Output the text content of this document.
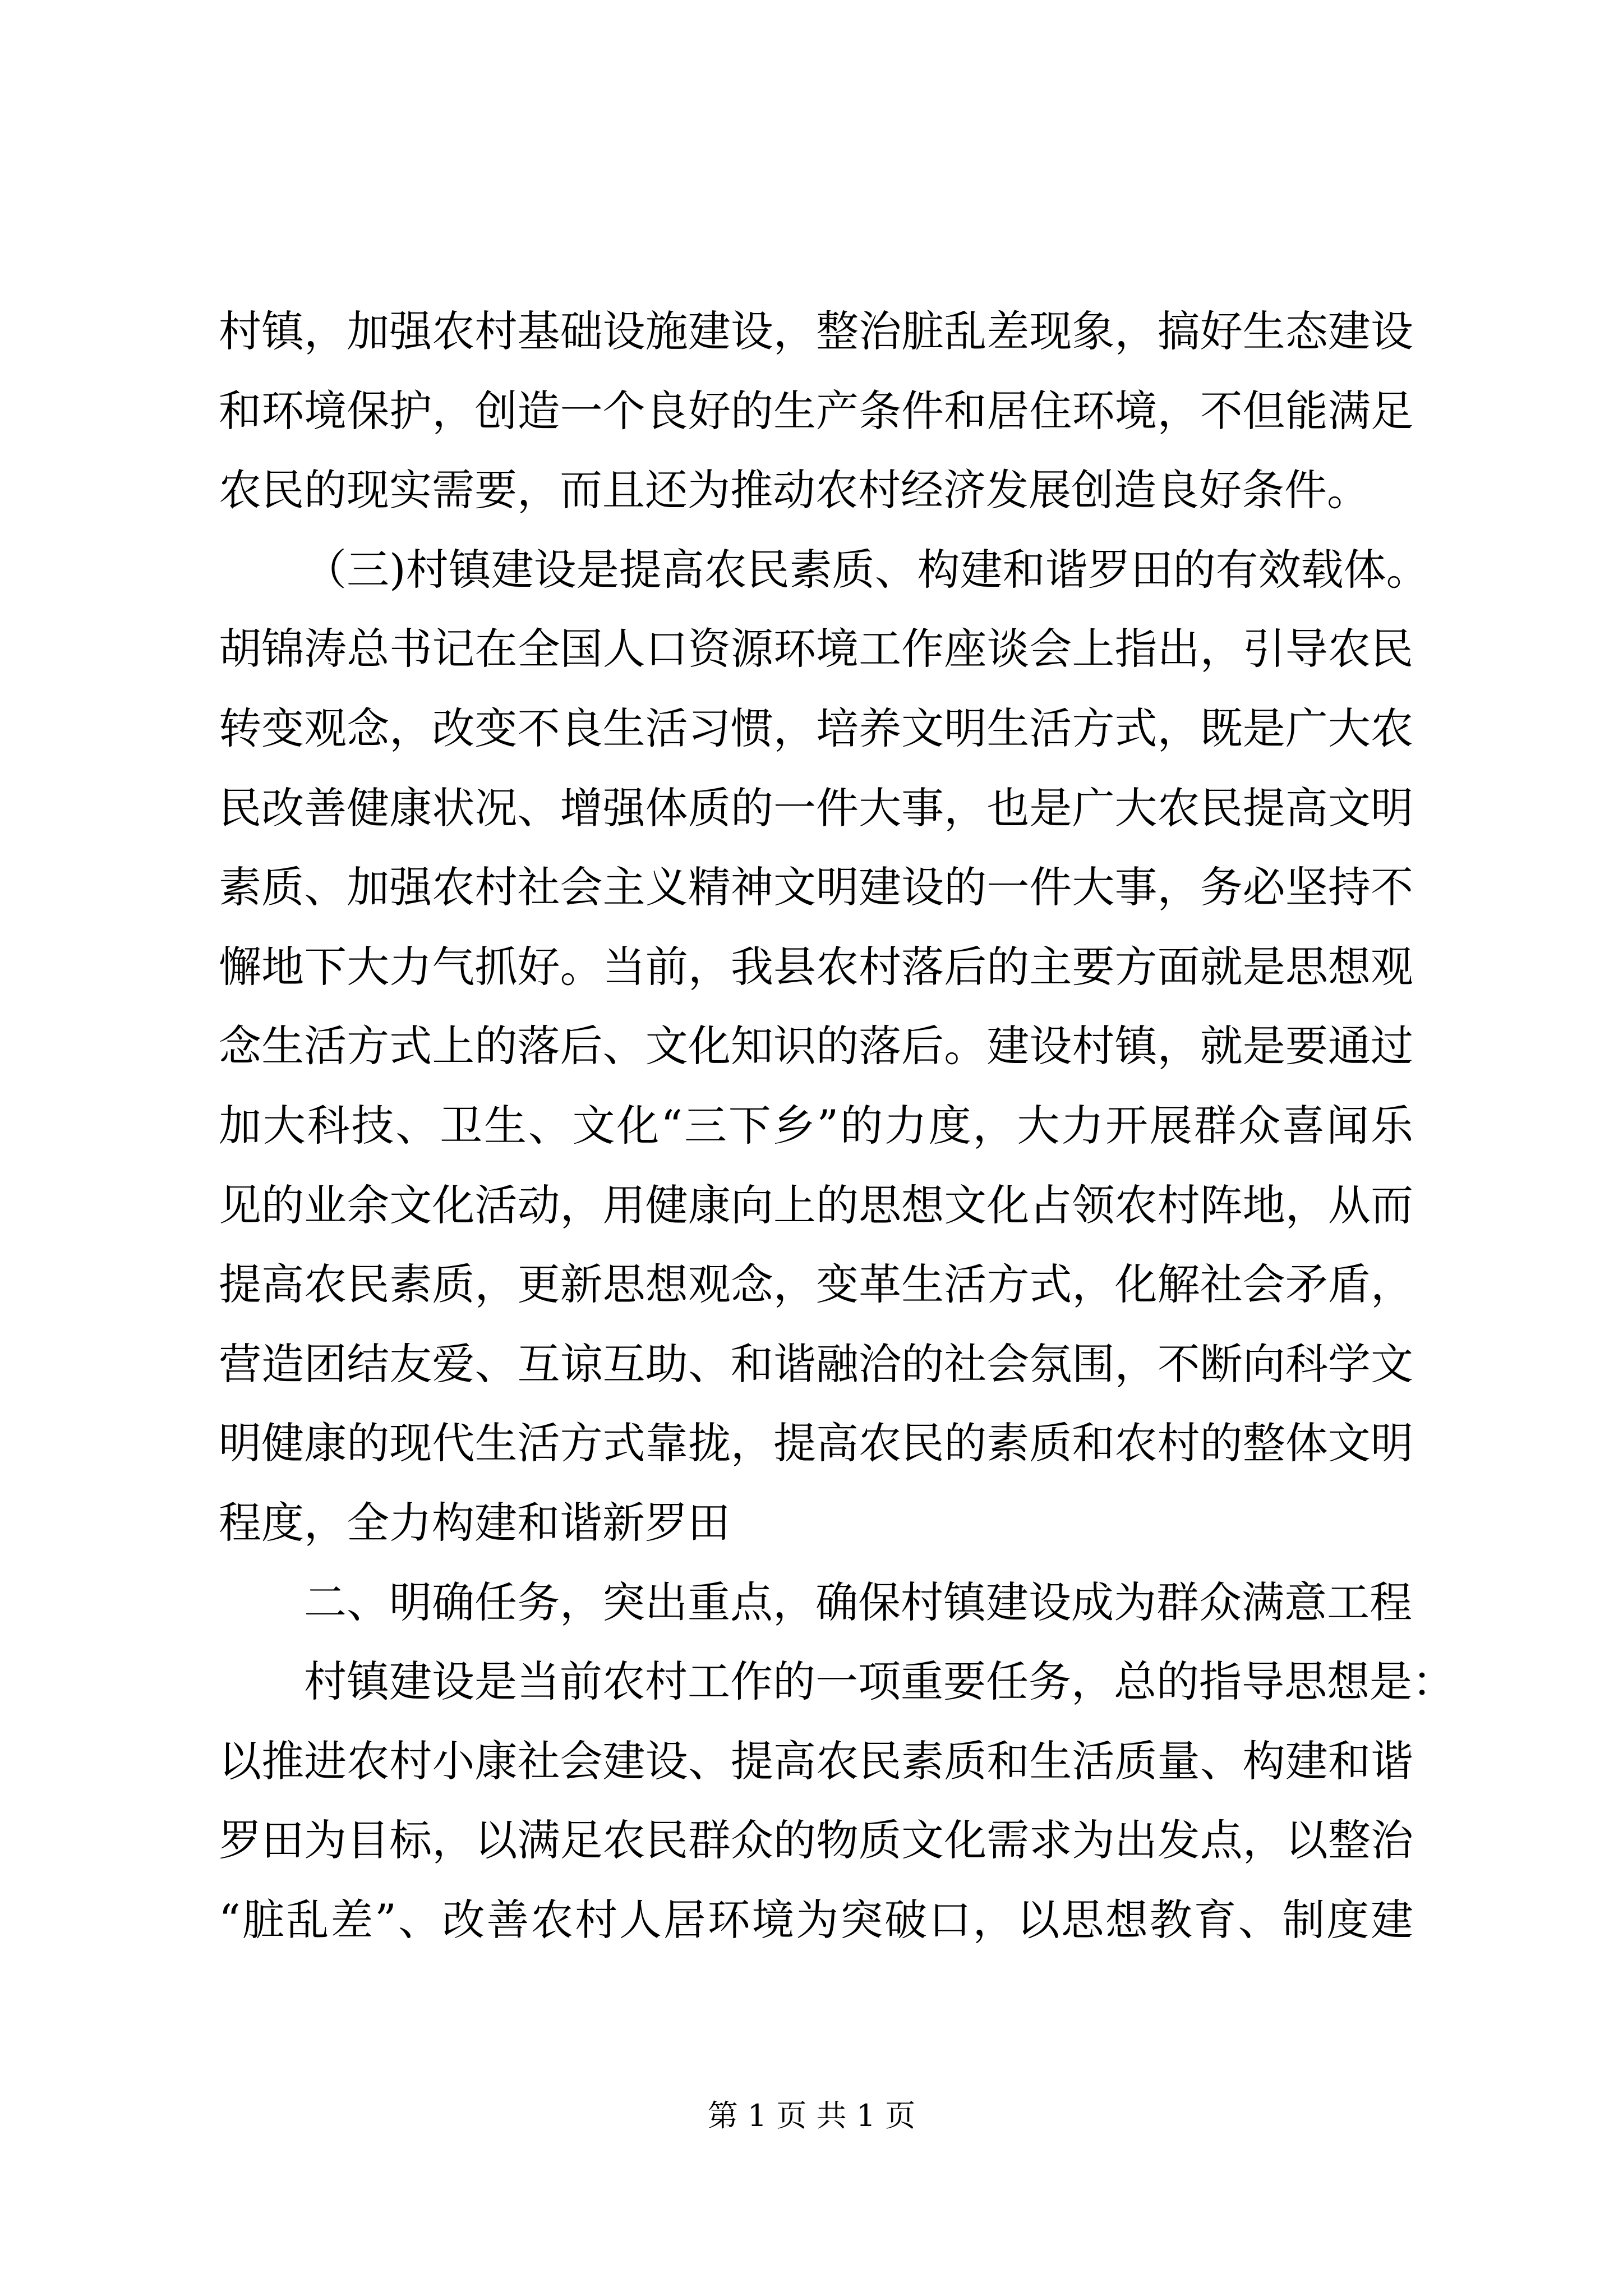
村镇，加强农村基础设施建设，整治脏乱差现象，搞好生态建设
和环境保护，创造一个良好的生产条件和居住环境，不但能满足
农民的现实需要，而且还为推动农村经济发展创造良好条件。
（三)村镇建设是提高农民素质、构建和谐罗田的有效载体。
胡锦涛总书记在全国人口资源环境工作座谈会上指出，引导农民
转变观念，改变不良生活习惯，培养文明生活方式，既是广大农
民改善健康状况、增强体质的一件大事，也是广大农民提高文明
素质、加强农村社会主义精神文明建设的一件大事，务必坚持不
懈地下大力气抓好。当前，我县农村落后的主要方面就是思想观
念生活方式上的落后、文化知识的落后。建设村镇，就是要通过
加大科技、卫生、文化“三下乡”的力度，大力开展群众喜闻乐
见的业余文化活动，用健康向上的思想文化占领农村阵地，从而
提高农民素质，更新思想观念，变革生活方式，化解社会矛盾，
营造团结友爱、互谅互助、和谐融洽的社会氛围，不断向科学文
明健康的现代生活方式靠拢，提高农民的素质和农村的整体文明
程度，全力构建和谐新罗田
二、明确任务，突出重点，确保村镇建设成为群众满意工程
村镇建设是当前农村工作的一项重要任务，总的指导思想是：
以推进农村小康社会建设、提高农民素质和生活质量、构建和谐
罗田为目标，以满足农民群众的物质文化需求为出发点，以整治
“脏乱差”、改善农村人居环境为突破口，以思想教育、制度建
第 1 页 共 1 页
